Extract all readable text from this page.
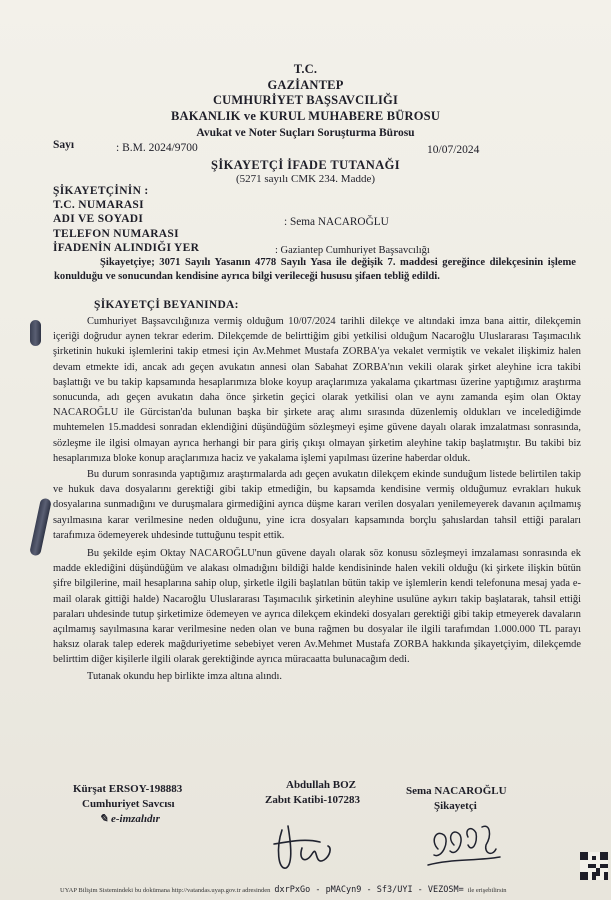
T.C.
GAZİANTEP
CUMHURİYET BAŞSAVCILIĞI
BAKANLIK ve KURUL MUHABERE BÜROSU
Avukat ve Noter Suçları Soruşturma Bürosu
Sayı	: B.M. 2024/9700	10/07/2024
ŞİKAYETÇİ İFADE TUTANAĞI
(5271 sayılı CMK 234. Madde)
ŞİKAYETÇİNİN :
T.C. NUMARASI
ADI VE SOYADI	: Sema NACAROĞLU
TELEFON NUMARASI
İFADENİN ALINDIĞI YER	: Gaziantep Cumhuriyet Başsavcılığı
Şikayetçiye; 3071 Sayılı Yasanın 4778 Sayılı Yasa ile değişik 7. maddesi gereğince dilekçesinin işleme konulduğu ve sonucundan kendisine ayrıca bilgi verileceği hususu şifaen tebliğ edildi.
ŞİKAYETÇİ BEYANINDA:

Cumhuriyet Başsavcılığınıza vermiş olduğum 10/07/2024 tarihli dilekçe ve altındaki imza bana aittir, dilekçemin içeriği doğrudur aynen tekrar ederim. Dilekçemde de belirttiğim gibi yetkilisi olduğum Nacaroğlu Uluslararası Taşımacılık şirketinin hukuki işlemlerini takip etmesi için Av.Mehmet Mustafa ZORBA'ya vekalet vermiştik ve vekalet ilişkimiz halen devam etmekte idi, ancak adı geçen avukatın annesi olan Sabahat ZORBA'nın vekili olarak şirket aleyhine icra takibi başlattığı ve bu takip kapsamında hesaplarımıza bloke koyup araçlarımıza yakalama çıkartması üzerine yaptığımız araştırma sonucunda, adı geçen avukatın daha önce şirketin geçici olarak yetkilisi olan ve aynı zamanda eşim olan Oktay NACAROĞLU ile Gürcistan'da bulunan başka bir şirkete araç alımı sırasında düzenlemiş oldukları ve incelediğimde muhtemelen 15.maddesi sonradan eklendiğini düşündüğüm sözleşmeyi eşime güvene dayalı olarak imzalatması sonrasında, sözleşme ile ilgisi olmayan ayrıca herhangi bir para giriş çıkışı olmayan şirketim aleyhine takip başlatmıştır. Bu takibi biz hesaplarımıza bloke konup araçlarımıza haciz ve yakalama işlemi yapılması üzerine haberdar olduk.

Bu durum sonrasında yaptığımız araştırmalarda adı geçen avukatın dilekçem ekinde sunduğum listede belirtilen takip ve hukuk dava dosyalarını gerektiği gibi takip etmediğin, bu kapsamda kendisine vermiş olduğumuz evrakları hukuk dosyalarına sunmadığını ve duruşmalara girmediğini ayrıca düşme kararı verilen dosyaları yenilemeyerek davanın açılmamış sayılmasına karar verilmesine neden olduğunu, yine icra dosyaları kapsamında borçlu şahıslardan tahsil ettiği paraları tarafımıza ödemeyerek uhdesinde tuttuğunu tespit ettik.

Bu şekilde eşim Oktay NACAROĞLU'nun güvene dayalı olarak söz konusu sözleşmeyi imzalaması sonrasında ek madde eklediğini düşündüğüm ve alakası olmadığını bildiği halde kendisininde halen vekili olduğu (ki şirkete ilişkin bütün şifre bilgilerine, mail hesaplarına sahip olup, şirketle ilgili başlatılan bütün takip ve işlemlerin kendi telefonuna mesaj yada e-mail olarak gittiği halde) Nacaroğlu Uluslararası Taşımacılık şirketinin aleyhine usulüne aykırı takip başlatarak, tahsil ettiği paraları uhdesinde tutup şirketimize ödemeyen ve ayrıca dilekçem ekindeki dosyaları gerektiği gibi takip etmeyerek davaların açılmamış sayılmasına karar verilmesine neden olan ve buna rağmen bu dosyalar ile ilgili tarafımdan 1.000.000 TL parayı haksız olarak talep ederek mağduriyetime sebebiyet veren Av.Mehmet Mustafa ZORBA hakkında şikayetçiyim, dilekçemde belirttim diğer kişilerle ilgili olarak gerektiğinde ayrıca müracaatta bulunacağım dedi.

Tutanak okundu hep birlikte imza altına alındı.

Kürşat ERSOY-198883
Cumhuriyet Savcısı
✎ e-imzalıdır
Abdullah BOZ
Zabıt Katibi-107283
Sema NACAROĞLU
Şikayetçi
UYAP Bilişim Sistemindeki bu dokümana http://vatandas.uyap.gov.tr adresinden dxrPxGo - pMACyn9 - Sf3/UYI - VEZOSM= ile erişebilirsin
